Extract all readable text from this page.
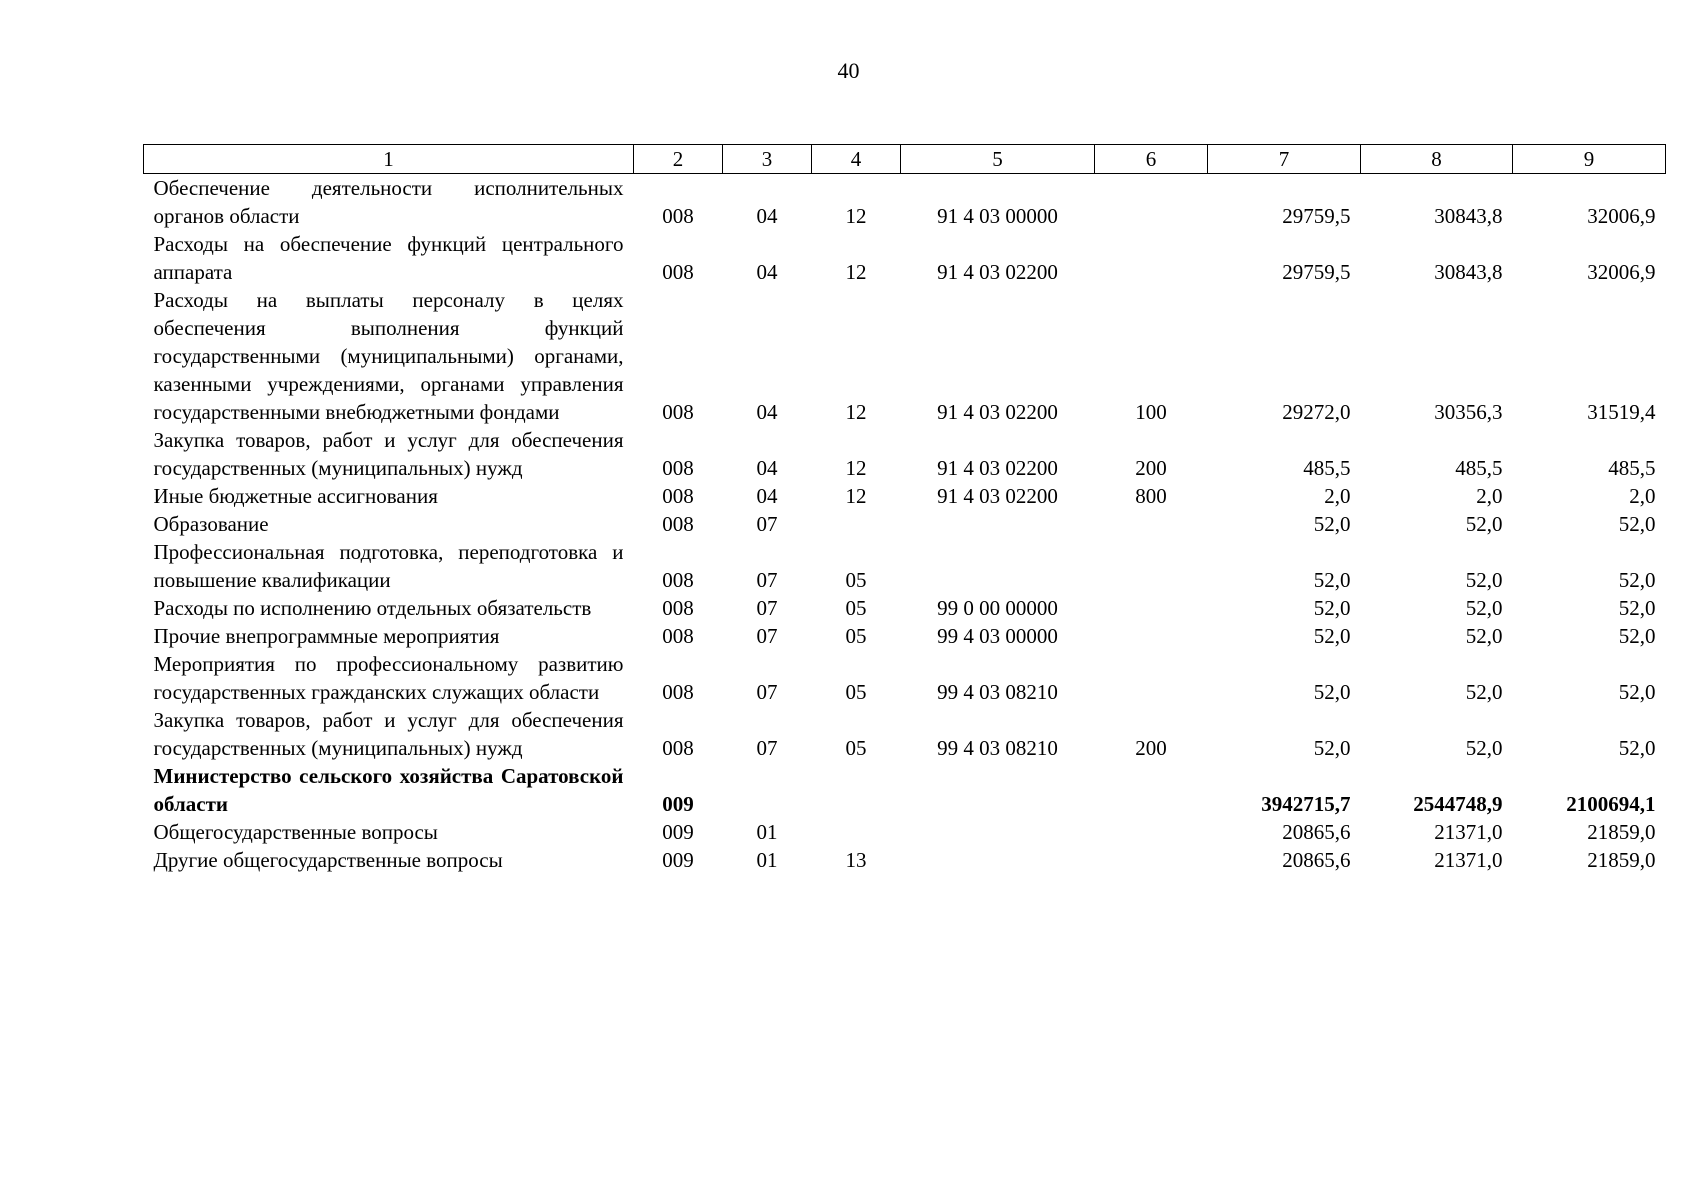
40
1	2	3	4	5	6	7	8	9
Обеспечение деятельности исполнительных органов области	008	04	12	91 4 03 00000		29759,5	30843,8	32006,9
Расходы на обеспечение функций центрального аппарата	008	04	12	91 4 03 02200		29759,5	30843,8	32006,9
Расходы на выплаты персоналу в целях обеспечения выполнения функций государственными (муниципальными) органами, казенными учреждениями, органами управления государственными внебюджетными фондами	008	04	12	91 4 03 02200	100	29272,0	30356,3	31519,4
Закупка товаров, работ и услуг для обеспечения государственных (муниципальных) нужд	008	04	12	91 4 03 02200	200	485,5	485,5	485,5
Иные бюджетные ассигнования	008	04	12	91 4 03 02200	800	2,0	2,0	2,0
Образование	008	07				52,0	52,0	52,0
Профессиональная подготовка, переподготовка и повышение квалификации	008	07	05			52,0	52,0	52,0
Расходы по исполнению отдельных обязательств	008	07	05	99 0 00 00000		52,0	52,0	52,0
Прочие внепрограммные мероприятия	008	07	05	99 4 03 00000		52,0	52,0	52,0
Мероприятия по профессиональному развитию государственных гражданских служащих области	008	07	05	99 4 03 08210		52,0	52,0	52,0
Закупка товаров, работ и услуг для обеспечения государственных (муниципальных) нужд	008	07	05	99 4 03 08210	200	52,0	52,0	52,0
Министерство сельского хозяйства Саратовской области	009					3942715,7	2544748,9	2100694,1
Общегосударственные вопросы	009	01				20865,6	21371,0	21859,0
Другие общегосударственные вопросы	009	01	13			20865,6	21371,0	21859,0
